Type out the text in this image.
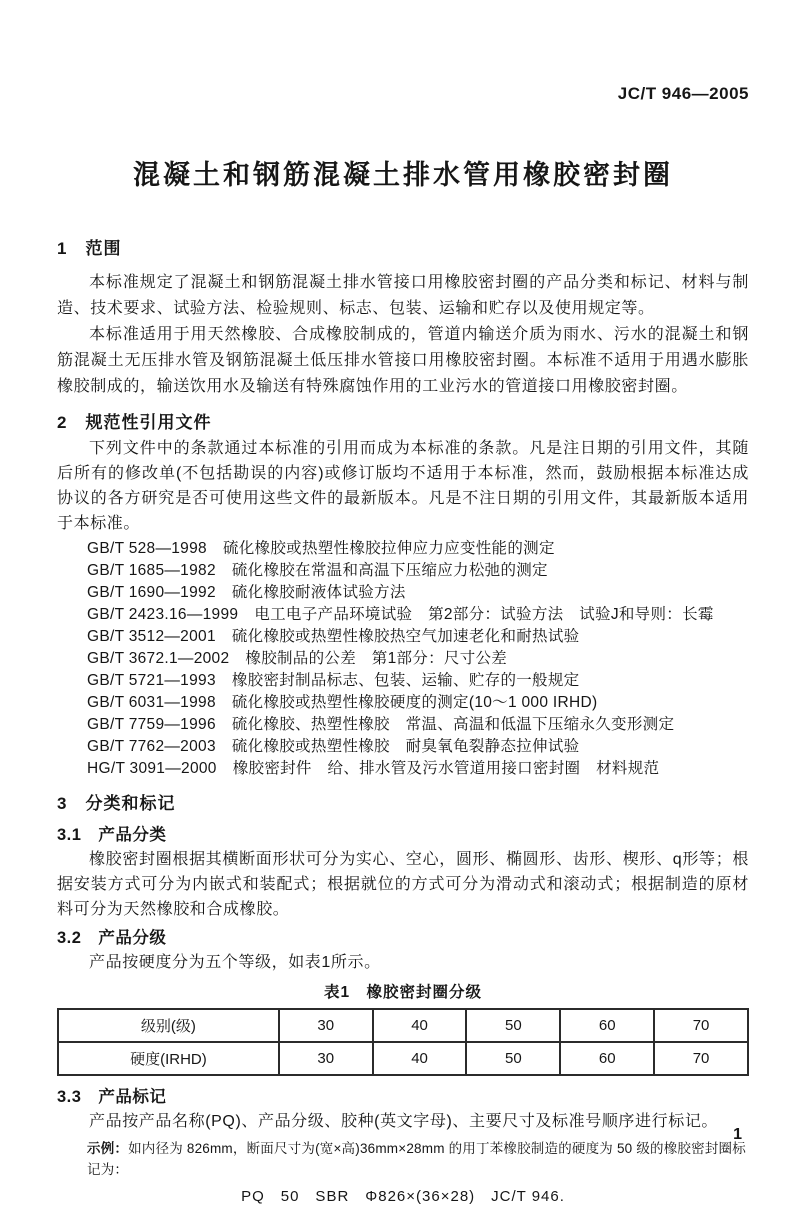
JC/T 946—2005
混凝土和钢筋混凝土排水管用橡胶密封圈
1　范围

本标准规定了混凝土和钢筋混凝土排水管接口用橡胶密封圈的产品分类和标记、材料与制造、技术要求、试验方法、检验规则、标志、包装、运输和贮存以及使用规定等。

本标准适用于用天然橡胶、合成橡胶制成的，管道内输送介质为雨水、污水的混凝土和钢筋混凝土无压排水管及钢筋混凝土低压排水管接口用橡胶密封圈。本标准不适用于用遇水膨胀橡胶制成的，输送饮用水及输送有特殊腐蚀作用的工业污水的管道接口用橡胶密封圈。

2　规范性引用文件

下列文件中的条款通过本标准的引用而成为本标准的条款。凡是注日期的引用文件，其随后所有的修改单(不包括勘误的内容)或修订版均不适用于本标准，然而，鼓励根据本标准达成协议的各方研究是否可使用这些文件的最新版本。凡是不注日期的引用文件，其最新版本适用于本标准。

GB/T 528—1998 硫化橡胶或热塑性橡胶拉伸应力应变性能的测定
GB/T 1685—1982 硫化橡胶在常温和高温下压缩应力松弛的测定
GB/T 1690—1992 硫化橡胶耐液体试验方法
GB/T 2423.16—1999 电工电子产品环境试验　第2部分：试验方法　试验J和导则：长霉
GB/T 3512—2001 硫化橡胶或热塑性橡胶热空气加速老化和耐热试验
GB/T 3672.1—2002 橡胶制品的公差　第1部分：尺寸公差
GB/T 5721—1993 橡胶密封制品标志、包装、运输、贮存的一般规定
GB/T 6031—1998 硫化橡胶或热塑性橡胶硬度的测定(10～1 000 IRHD)
GB/T 7759—1996 硫化橡胶、热塑性橡胶　常温、高温和低温下压缩永久变形测定
GB/T 7762—2003 硫化橡胶或热塑性橡胶　耐臭氧龟裂静态拉伸试验
HG/T 3091—2000 橡胶密封件　给、排水管及污水管道用接口密封圈　材料规范
3　分类和标记
3.1　产品分类

橡胶密封圈根据其横断面形状可分为实心、空心，圆形、椭圆形、齿形、楔形、q形等；根据安装方式可分为内嵌式和装配式；根据就位的方式可分为滑动式和滚动式；根据制造的原材料可分为天然橡胶和合成橡胶。

3.2　产品分级

产品按硬度分为五个等级，如表1所示。

表1　橡胶密封圈分级
级别(级)	30	40	50	60	70
硬度(IRHD)	30	40	50	60	70
3.3　产品标记

产品按产品名称(PQ)、产品分级、胶种(英文字母)、主要尺寸及标准号顺序进行标记。

示例：如内径为 826mm，断面尺寸为(宽×高)36mm×28mm 的用丁苯橡胶制造的硬度为 50 级的橡胶密封圈标记为：

PQ　50　SBR　Φ826×(36×28)　JC/T 946.
1
